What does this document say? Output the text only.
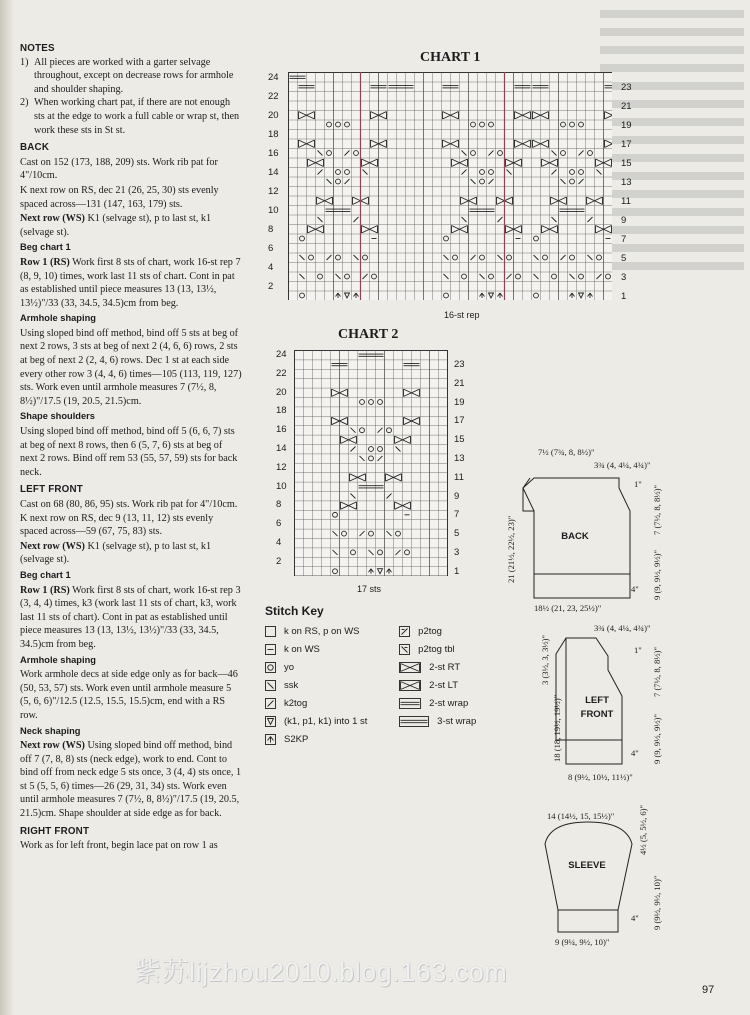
NOTES
1) All pieces are worked with a garter selvage throughout, except on decrease rows for armhole and shoulder shaping.
2) When working chart pat, if there are not enough sts at the edge to work a full cable or wrap st, then work these sts in St st.
BACK

Cast on 152 (173, 188, 209) sts. Work rib pat for 4"/10cm.

K next row on RS, dec 21 (26, 25, 30) sts evenly spaced across—131 (147, 163, 179) sts.

Next row (WS) K1 (selvage st), p to last st, k1 (selvage st).

Beg chart 1

Row 1 (RS) Work first 8 sts of chart, work 16-st rep 7 (8, 9, 10) times, work last 11 sts of chart. Cont in pat as established until piece measures 13 (13, 13½, 13½)"/33 (33, 34.5, 34.5)cm from beg.

Armhole shaping

Using sloped bind off method, bind off 5 sts at beg of next 2 rows, 3 sts at beg of next 2 (4, 6, 6) rows, 2 sts at beg of next 2 (2, 4, 6) rows. Dec 1 st at each side every other row 3 (4, 4, 6) times—105 (113, 119, 127) sts. Work even until armhole measures 7 (7½, 8, 8½)"/17.5 (19, 20.5, 21.5)cm.

Shape shoulders

Using sloped bind off method, bind off 5 (6, 6, 7) sts at beg of next 8 rows, then 6 (5, 7, 6) sts at beg of next 2 rows. Bind off rem 53 (55, 57, 59) sts for back neck.

LEFT FRONT

Cast on 68 (80, 86, 95) sts. Work rib pat for 4"/10cm. K next row on RS, dec 9 (13, 11, 12) sts evenly spaced across—59 (67, 75, 83) sts.

Next row (WS) K1 (selvage st), p to last st, k1 (selvage st).

Beg chart 1

Row 1 (RS) Work first 8 sts of chart, work 16-st rep 3 (3, 4, 4) times, k3 (work last 11 sts of chart, k3, work last 11 sts of chart). Cont in pat as established until piece measures 13 (13, 13½, 13½)"/33 (33, 34.5, 34.5)cm from beg.

Armhole shaping

Work armhole decs at side edge only as for back—46 (50, 53, 57) sts. Work even until armhole measure 5 (5, 6, 6)"/12.5 (12.5, 15.5, 15.5)cm, end with a RS row.

Neck shaping

Next row (WS) Using sloped bind off method, bind off 7 (7, 8, 8) sts (neck edge), work to end. Cont to bind off from neck edge 5 sts once, 3 (4, 4) sts once, 1 st 5 (5, 5, 6) times—26 (29, 31, 34) sts. Work even until armhole measures 7 (7½, 8, 8½)"/17.5 (19, 20.5, 21.5)cm. Shape shoulder at side edge as for back.

RIGHT FRONT

Work as for left front, begin lace pat on row 1 as

CHART 1
24
22
20
18
16
14
12
10
8
6
4
2
23
21
19
17
15
13
11
9
7
5
3
1
16-st rep
CHART 2
24
22
20
18
16
14
12
10
8
6
4
2
23
21
19
17
15
13
11
9
7
5
3
1
17 sts
Stitch Key
k on RS, p on WS
k on WS
yo
ssk
k2tog
(k1, p1, k1) into 1 st
S2KP
p2tog
p2tog tbl
2-st RT
2-st LT
2-st wrap
3-st wrap
7½ (7¾, 8, 8½)"
3¾ (4, 4¼, 4¾)"
1"
7 (7½, 8, 8½)"
21 (21½, 22½, 23)"	9 (9, 9½, 9½)"
4"
18½ (21, 23, 25½)"
BACK
3¾ (4, 4¼, 4¾)"
3 (3½, 3, 3½)"	1" 7 (7½, 8, 8½)"
18 (18, 19½, 19½)"	9 (9, 9½, 9½)"
4"
8 (9½, 10½, 11½)"
LEFT
FRONT
14 (14½, 15, 15½)"	4½ (5, 5½, 6)"
9 (9½, 9½, 10)"
4"
9 (9¼, 9½, 10)"
SLEEVE
紫苏lijzhou2010.blog.163.com
97
